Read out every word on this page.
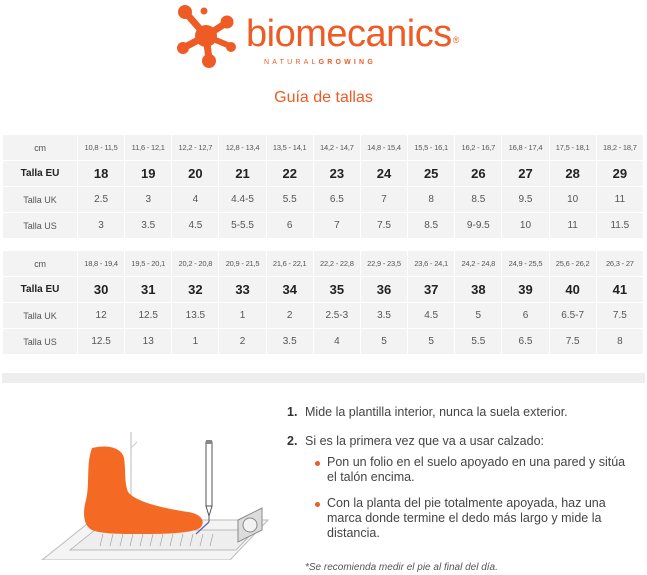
biomecanics®
NATURALGROWING
Guía de tallas
cm	10,8 - 11,5	11,6 - 12,1	12,2 - 12,7	12,8 - 13,4	13,5 - 14,1	14,2 - 14,7	14,8 - 15,4	15,5 - 16,1	16,2 - 16,7	16,8 - 17,4	17,5 - 18,1	18,2 - 18,7
Talla EU	18	19	20	21	22	23	24	25	26	27	28	29
Talla UK	2.5	3	4	4.4-5	5.5	6.5	7	8	8.5	9.5	10	11
Talla US	3	3.5	4.5	5-5.5	6	7	7.5	8.5	9-9.5	10	11	11.5
cm	18,8 - 19,4	19,5 - 20,1	20,2 - 20,8	20,9 - 21,5	21,6 - 22,1	22,2 - 22,8	22,9 - 23,5	23,6 - 24,1	24,2 - 24,8	24,9 - 25,5	25,6 - 26,2	26,3 - 27
Talla EU	30	31	32	33	34	35	36	37	38	39	40	41
Talla UK	12	12.5	13.5	1	2	2.5-3	3.5	4.5	5	6	6.5-7	7.5
Talla US	12.5	13	1	2	3.5	4	5	5	5.5	6.5	7.5	8
1. Mide la plantilla interior, nunca la suela exterior.
2. Si es la primera vez que va a usar calzado:
Pon un folio en el suelo apoyado en una pared y sitúa el talón encima.
Con la planta del pie totalmente apoyada, haz una marca donde termine el dedo más largo y mide la distancia.
*Se recomienda medir el pie al final del día.
